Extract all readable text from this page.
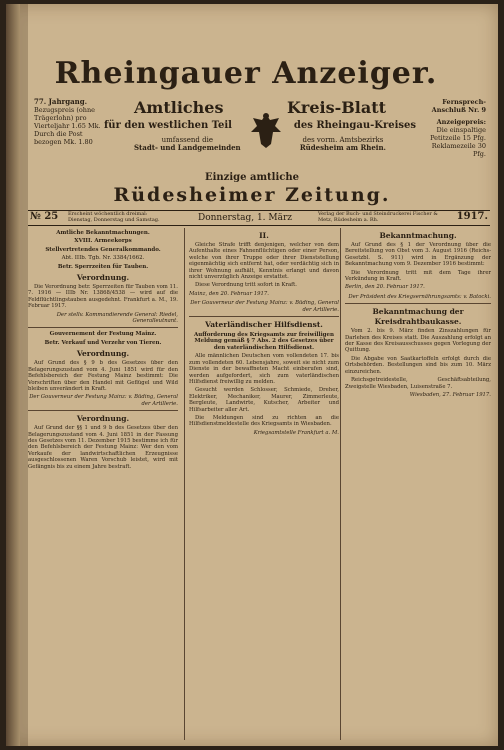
Rheingauer Anzeiger.
77. Jahrgang.
Bezugspreis (ohne Trägerlohn) pro Vierteljahr 1.65 Mk. Durch die Post bezogen Mk. 1.80
Amtliches	Kreis-Blatt
für den westlichen Teil	des Rheingau-Kreises
umfassend die
Stadt- und Landgemeinden
des vorm. Amtsbezirks
Rüdesheim am Rhein.
Fernsprech-Anschluß Nr. 9
Anzeigepreis:
Die einspaltige Petitzeile 15 Pfg. Reklamezeile 30 Pfg.
Einzige amtliche
Rüdesheimer Zeitung.
№ 25 Erscheint wöchentlich dreimal: Dienstag, Donnerstag und Samstag.	Donnerstag, 1. März	Verlag der Buch- und Steindruckerei Fischer & Metz, Rüdesheim a. Rh.	1917.
Amtliche Bekanntmachungen.
XVIII. Armeekorps
Stellvertretendes Generalkommando.
Abt. IIIb. Tgb. Nr. 3384/1662.
Betr. Sperrzeiten für Tauben.
Verordnung.

Die Verordnung betr. Sperrzeiten für Tauben vom 11. 7. 1916 — IIIb Nr. 13868/4538 — wird auf die Feldflüchtlingstauben ausgedehnt. Frankfurt a. M., 19. Februar 1917.

Der stellv. Kommandierende General: Riedel, Generalleutnant.
Gouvernement der Festung Mainz.
Betr. Verkauf und Verzehr von Tieren.
Verordnung.

Auf Grund des § 9 b des Gesetzes über den Belagerungszustand vom 4. Juni 1851 wird für den Befehlsbereich der Festung Mainz bestimmt: Die Vorschriften über den Handel mit Geflügel und Wild bleiben unverändert in Kraft.

Der Gouverneur der Festung Mainz: v. Büding, General der Artillerie.
Verordnung.

Auf Grund der §§ 1 und 9 b des Gesetzes über den Belagerungszustand vom 4. Juni 1851 in der Fassung des Gesetzes vom 11. Dezember 1915 bestimme ich für den Befehlsbereich der Festung Mainz: Wer den vom Verkaufe der landwirtschaftlichen Erzeugnisse ausgeschlossenen Waren Vorschub leistet, wird mit Gefängnis bis zu einem Jahre bestraft.

II.

Gleiche Strafe trifft denjenigen, welcher von dem Aufenthalte eines Fahnenflüchtigen oder einer Person, welche von ihrer Truppe oder ihrer Dienststellung eigenmächtig sich entfernt hat, oder verdächtig sich in ihrer Wohnung aufhält, Kenntnis erlangt und davon nicht unverzüglich Anzeige erstattet.

Diese Verordnung tritt sofort in Kraft.

Mainz, den 20. Februar 1917.
Der Gouverneur der Festung Mainz: v. Büding, General der Artillerie.
Vaterländischer Hilfsdienst.
Aufforderung des Kriegsamts zur freiwilligen Meldung gemäß § 7 Abs. 2 des Gesetzes über den vaterländischen Hilfsdienst.

Alle männlichen Deutschen vom vollendeten 17. bis zum vollendeten 60. Lebensjahre, soweit sie nicht zum Dienste in der bewaffneten Macht einberufen sind, werden aufgefordert, sich zum vaterländischen Hilfsdienst freiwillig zu melden.

Gesucht werden Schlosser, Schmiede, Dreher, Elektriker, Mechaniker, Maurer, Zimmerleute, Bergleute, Landwirte, Kutscher, Arbeiter und Hilfsarbeiter aller Art.

Die Meldungen sind zu richten an die Hilfsdienstmeldestelle des Kriegsamts in Wiesbaden.

Kriegsamtstelle Frankfurt a. M.
Bekanntmachung.

Auf Grund des § 1 der Verordnung über die Bereitstellung von Obst vom 3. August 1916 (Reichs-Gesetzbl. S. 911) wird in Ergänzung der Bekanntmachung vom 9. Dezember 1916 bestimmt:

Die Verordnung tritt mit dem Tage ihrer Verkündung in Kraft.

Berlin, den 20. Februar 1917.
Der Präsident des Kriegsernährungsamts: v. Batocki.
Bekanntmachung der Kreisdrahtbaukasse.

Vom 2. bis 9. März finden Zinszahlungen für Darlehen des Kreises statt. Die Auszahlung erfolgt an der Kasse des Kreisausschusses gegen Vorlegung der Quittung.

Die Abgabe von Saatkartoffeln erfolgt durch die Ortsbehörden. Bestellungen sind bis zum 10. März einzureichen.

Reichsgetreidestelle, Geschäftsabteilung, Zweigstelle Wiesbaden, Luisenstraße 7.

Wiesbaden, 27. Februar 1917.
